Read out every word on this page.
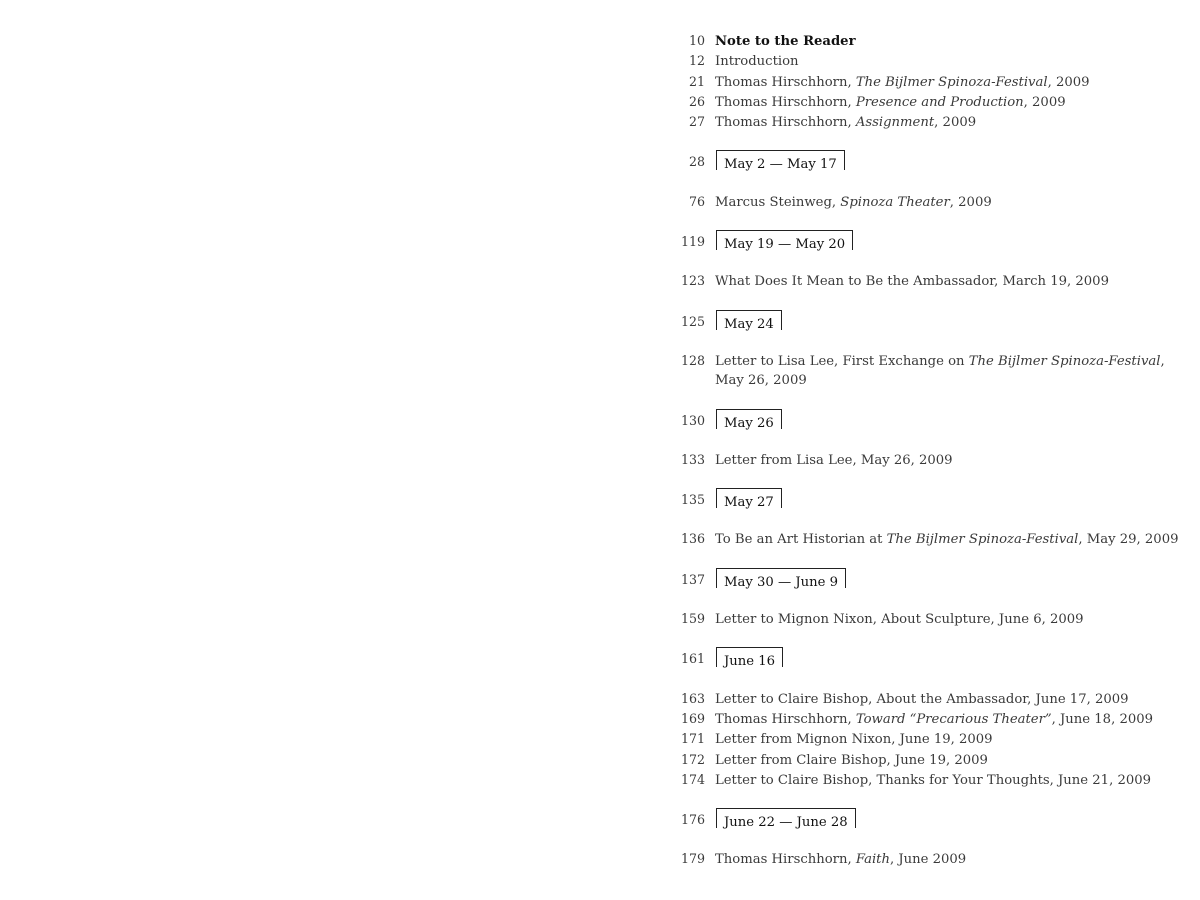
10 Note to the Reader
12 Introduction
21 Thomas Hirschhorn, The Bijlmer Spinoza-Festival, 2009
26 Thomas Hirschhorn, Presence and Production, 2009
27 Thomas Hirschhorn, Assignment, 2009
28	May 2 — May 17
76 Marcus Steinweg, Spinoza Theater, 2009
119	May 19 — May 20
123 What Does It Mean to Be the Ambassador, March 19, 2009
125	May 24
128 Letter to Lisa Lee, First Exchange on The Bijlmer Spinoza-Festival, May 26, 2009
130	May 26
133 Letter from Lisa Lee, May 26, 2009
135	May 27
136 To Be an Art Historian at The Bijlmer Spinoza-Festival, May 29, 2009
137	May 30 — June 9
159 Letter to Mignon Nixon, About Sculpture, June 6, 2009
161	June 16
163 Letter to Claire Bishop, About the Ambassador, June 17, 2009
169 Thomas Hirschhorn, Toward “Precarious Theater”, June 18, 2009
171 Letter from Mignon Nixon, June 19, 2009
172 Letter from Claire Bishop, June 19, 2009
174 Letter to Claire Bishop, Thanks for Your Thoughts, June 21, 2009
176	June 22 — June 28
179 Thomas Hirschhorn, Faith, June 2009
